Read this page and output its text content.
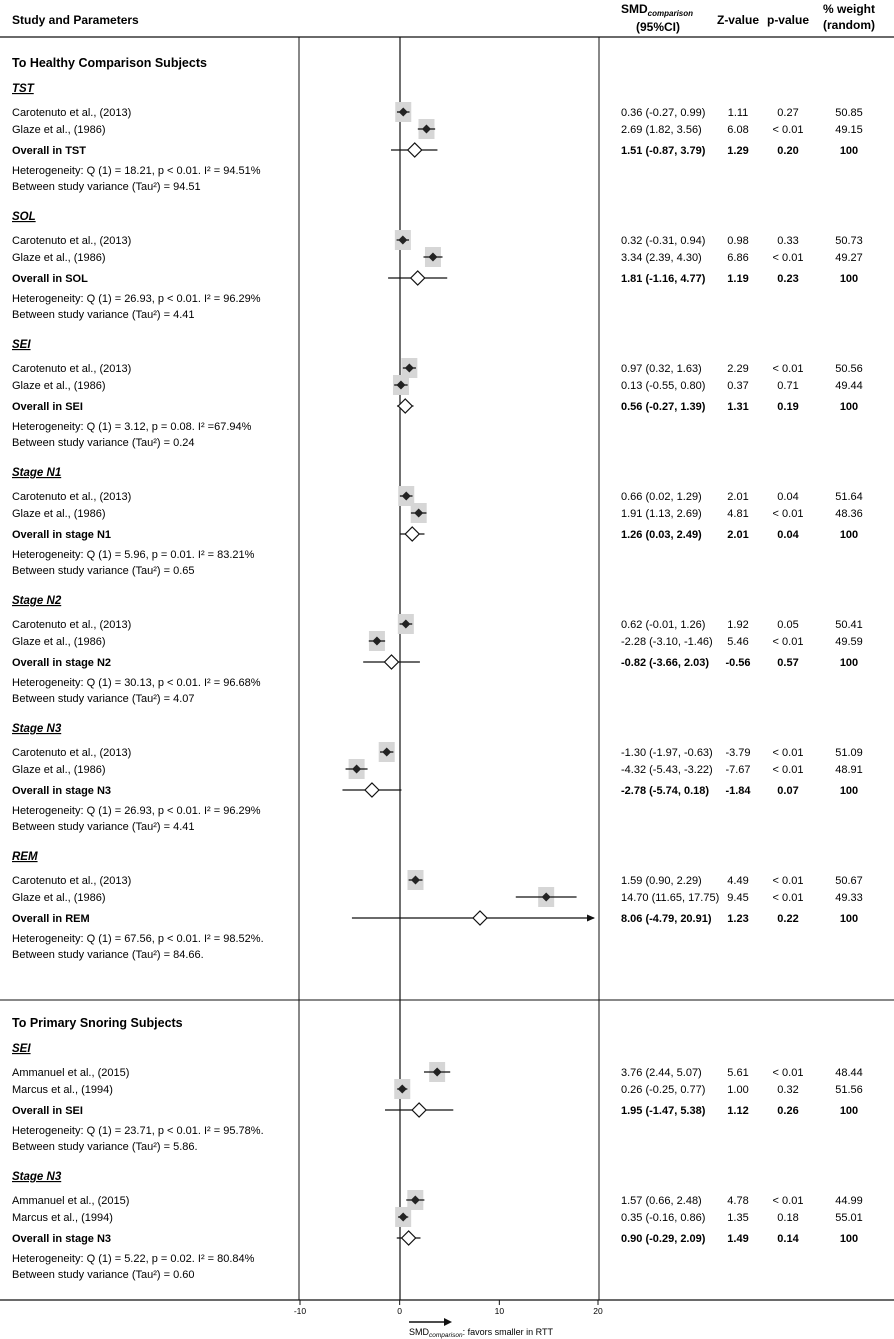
Study and Parameters
$SMD_{comparison}$
(95%CI)	Z-value p-value
% weight
(random)
To Healthy Comparison Subjects
TST
Carotenuto et al., (2013)	0.36 (-0.27, 0.99) 1.11	0.27	50.85
Glaze et al., (1986)	2.69 (1.82, 3.56) 6.08 < 0.01	49.15
Overall in TST	1.51 (-0.87, 3.79) 1.29	0.20	100
Heterogeneity: Q (1) = 18.21, p < 0.01. I² = 94.51%
Between study variance (Tau²) = 94.51
SOL
Carotenuto et al., (2013)	0.32 (-0.31, 0.94) 0.98	0.33	50.73
Glaze et al., (1986)	3.34 (2.39, 4.30) 6.86 < 0.01	49.27
Overall in SOL	1.81 (-1.16, 4.77) 1.19	0.23	100
Heterogeneity: Q (1) = 26.93, p < 0.01. I² = 96.29%
Between study variance (Tau²) = 4.41
SEI
Carotenuto et al., (2013)	0.97 (0.32, 1.63) 2.29 < 0.01	50.56
Glaze et al., (1986)	0.13 (-0.55, 0.80) 0.37	0.71	49.44
Overall in SEI	0.56 (-0.27, 1.39) 1.31	0.19	100
Heterogeneity: Q (1) = 3.12, p = 0.08. I² =67.94%
Between study variance (Tau²) = 0.24
Stage N1
Carotenuto et al., (2013)	0.66 (0.02, 1.29) 2.01	0.04	51.64
Glaze et al., (1986)	1.91 (1.13, 2.69) 4.81 < 0.01	48.36
Overall in stage N1	1.26 (0.03, 2.49) 2.01	0.04	100
Heterogeneity: Q (1) = 5.96, p = 0.01. I² = 83.21%
Between study variance (Tau²) = 0.65
Stage N2
Carotenuto et al., (2013)	0.62 (-0.01, 1.26) 1.92	0.05	50.41
Glaze et al., (1986)	-2.28 (-3.10, -1.46) 5.46 < 0.01	49.59
Overall in stage N2	-0.82 (-3.66, 2.03) -0.56 0.57	100
Heterogeneity: Q (1) = 30.13, p < 0.01. I² = 96.68%
Between study variance (Tau²) = 4.07
Stage N3
Carotenuto et al., (2013)	-1.30 (-1.97, -0.63) -3.79 < 0.01	51.09
Glaze et al., (1986)	-4.32 (-5.43, -3.22) -7.67 < 0.01	48.91
Overall in stage N3	-2.78 (-5.74, 0.18) -1.84 0.07	100
Heterogeneity: Q (1) = 26.93, p < 0.01. I² = 96.29%
Between study variance (Tau²) = 4.41
REM
Carotenuto et al., (2013)	1.59 (0.90, 2.29) 4.49 < 0.01	50.67
Glaze et al., (1986)	14.70 (11.65, 17.75) 9.45 < 0.01	49.33
Overall in REM	8.06 (-4.79, 20.91) 1.23	0.22	100
Heterogeneity: Q (1) = 67.56, p < 0.01. I² = 98.52%.
Between study variance (Tau²) = 84.66.
To Primary Snoring Subjects
SEI
Ammanuel et al., (2015)	3.76 (2.44, 5.07) 5.61 < 0.01	48.44
Marcus et al., (1994)	0.26 (-0.25, 0.77) 1.00	0.32	51.56
Overall in SEI	1.95 (-1.47, 5.38) 1.12	0.26	100
Heterogeneity: Q (1) = 23.71, p < 0.01. I² = 95.78%.
Between study variance (Tau²) = 5.86.
Stage N3
Ammanuel et al., (2015)	1.57 (0.66, 2.48) 4.78 < 0.01	44.99
Marcus et al., (1994)	0.35 (-0.16, 0.86) 1.35	0.18	55.01
Overall in stage N3	0.90 (-0.29, 2.09) 1.49	0.14	100
Heterogeneity: Q (1) = 5.22, p = 0.02. I² = 80.84%
Between study variance (Tau²) = 0.60
-10	0	10	20
$SMD_{comparison}$: favors smaller in RTT
